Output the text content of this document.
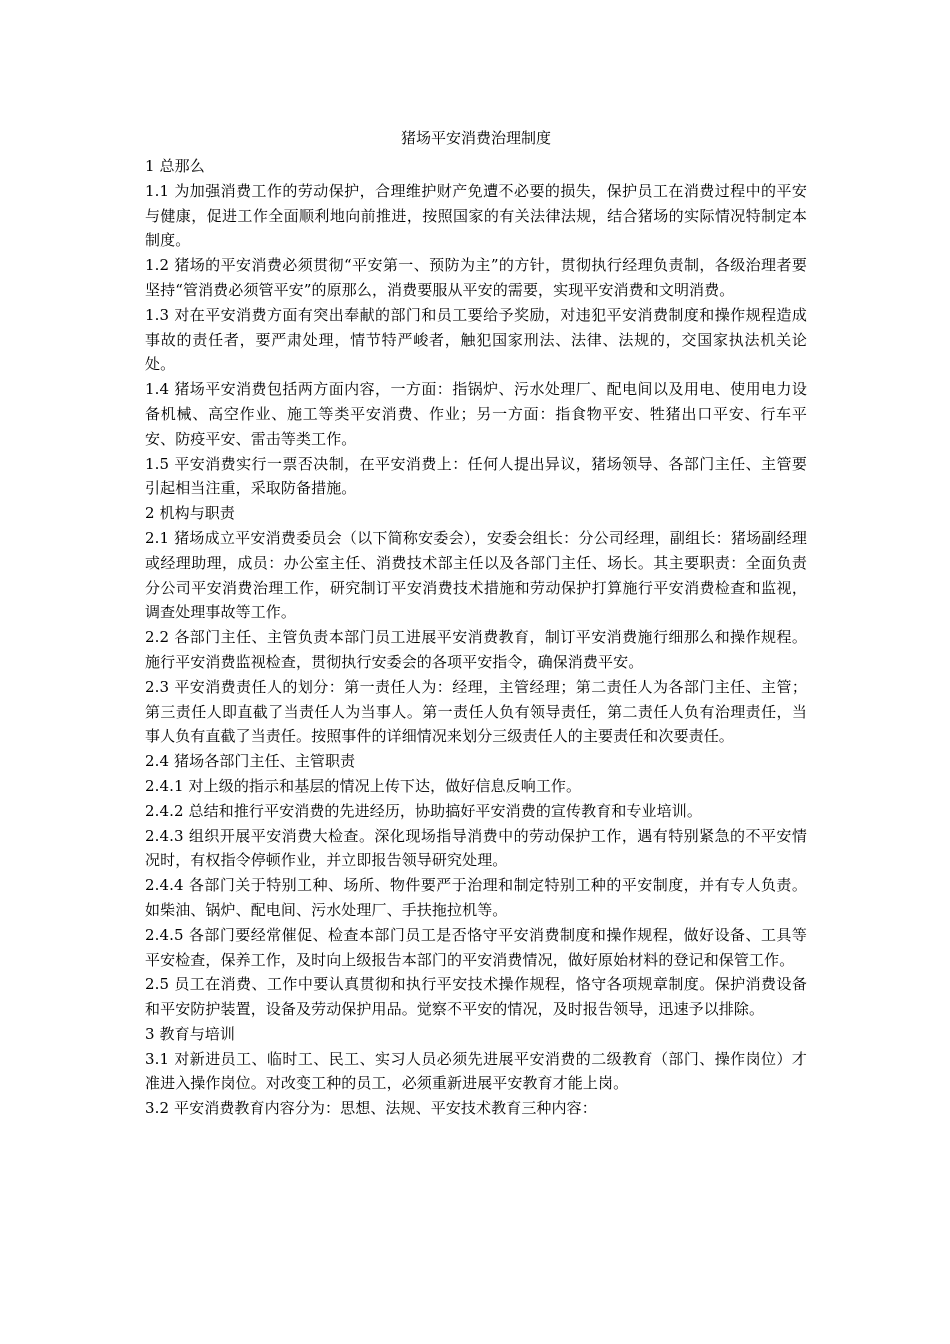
猪场平安消费治理制度

1 总那么

1.1 为加强消费工作的劳动保护，合理维护财产免遭不必要的损失，保护员工在消费过程中的平安与健康，促进工作全面顺利地向前推进，按照国家的有关法律法规，结合猪场的实际情况特制定本制度。

1.2 猪场的平安消费必须贯彻“平安第一、预防为主”的方针，贯彻执行经理负责制，各级治理者要坚持“管消费必须管平安”的原那么，消费要服从平安的需要，实现平安消费和文明消费。

1.3 对在平安消费方面有突出奉献的部门和员工要给予奖励，对违犯平安消费制度和操作规程造成事故的责任者，要严肃处理，情节特严峻者，触犯国家刑法、法律、法规的，交国家执法机关论处。

1.4 猪场平安消费包括两方面内容，一方面：指锅炉、污水处理厂、配电间以及用电、使用电力设备机械、高空作业、施工等类平安消费、作业；另一方面：指食物平安、牲猪出口平安、行车平安、防疫平安、雷击等类工作。

1.5 平安消费实行一票否决制，在平安消费上：任何人提出异议，猪场领导、各部门主任、主管要引起相当注重，采取防备措施。

2 机构与职责

2.1 猪场成立平安消费委员会（以下简称安委会），安委会组长：分公司经理，副组长：猪场副经理或经理助理，成员：办公室主任、消费技术部主任以及各部门主任、场长。其主要职责：全面负责分公司平安消费治理工作，研究制订平安消费技术措施和劳动保护打算施行平安消费检查和监视，调查处理事故等工作。

2.2 各部门主任、主管负责本部门员工进展平安消费教育，制订平安消费施行细那么和操作规程。施行平安消费监视检查，贯彻执行安委会的各项平安指令，确保消费平安。

2.3 平安消费责任人的划分：第一责任人为：经理，主管经理；第二责任人为各部门主任、主管；第三责任人即直截了当责任人为当事人。第一责任人负有领导责任，第二责任人负有治理责任，当事人负有直截了当责任。按照事件的详细情况来划分三级责任人的主要责任和次要责任。

2.4 猪场各部门主任、主管职责

2.4.1 对上级的指示和基层的情况上传下达，做好信息反响工作。

2.4.2 总结和推行平安消费的先进经历，协助搞好平安消费的宣传教育和专业培训。

2.4.3 组织开展平安消费大检查。深化现场指导消费中的劳动保护工作，遇有特别紧急的不平安情况时，有权指令停顿作业，并立即报告领导研究处理。

2.4.4 各部门关于特别工种、场所、物件要严于治理和制定特别工种的平安制度，并有专人负责。如柴油、锅炉、配电间、污水处理厂、手扶拖拉机等。

2.4.5 各部门要经常催促、检查本部门员工是否恪守平安消费制度和操作规程，做好设备、工具等平安检查，保养工作，及时向上级报告本部门的平安消费情况，做好原始材料的登记和保管工作。

2.5 员工在消费、工作中要认真贯彻和执行平安技术操作规程，恪守各项规章制度。保护消费设备和平安防护装置，设备及劳动保护用品。觉察不平安的情况，及时报告领导，迅速予以排除。

3 教育与培训

3.1 对新进员工、临时工、民工、实习人员必须先进展平安消费的二级教育（部门、操作岗位）才准进入操作岗位。对改变工种的员工，必须重新进展平安教育才能上岗。

3.2 平安消费教育内容分为：思想、法规、平安技术教育三种内容：
